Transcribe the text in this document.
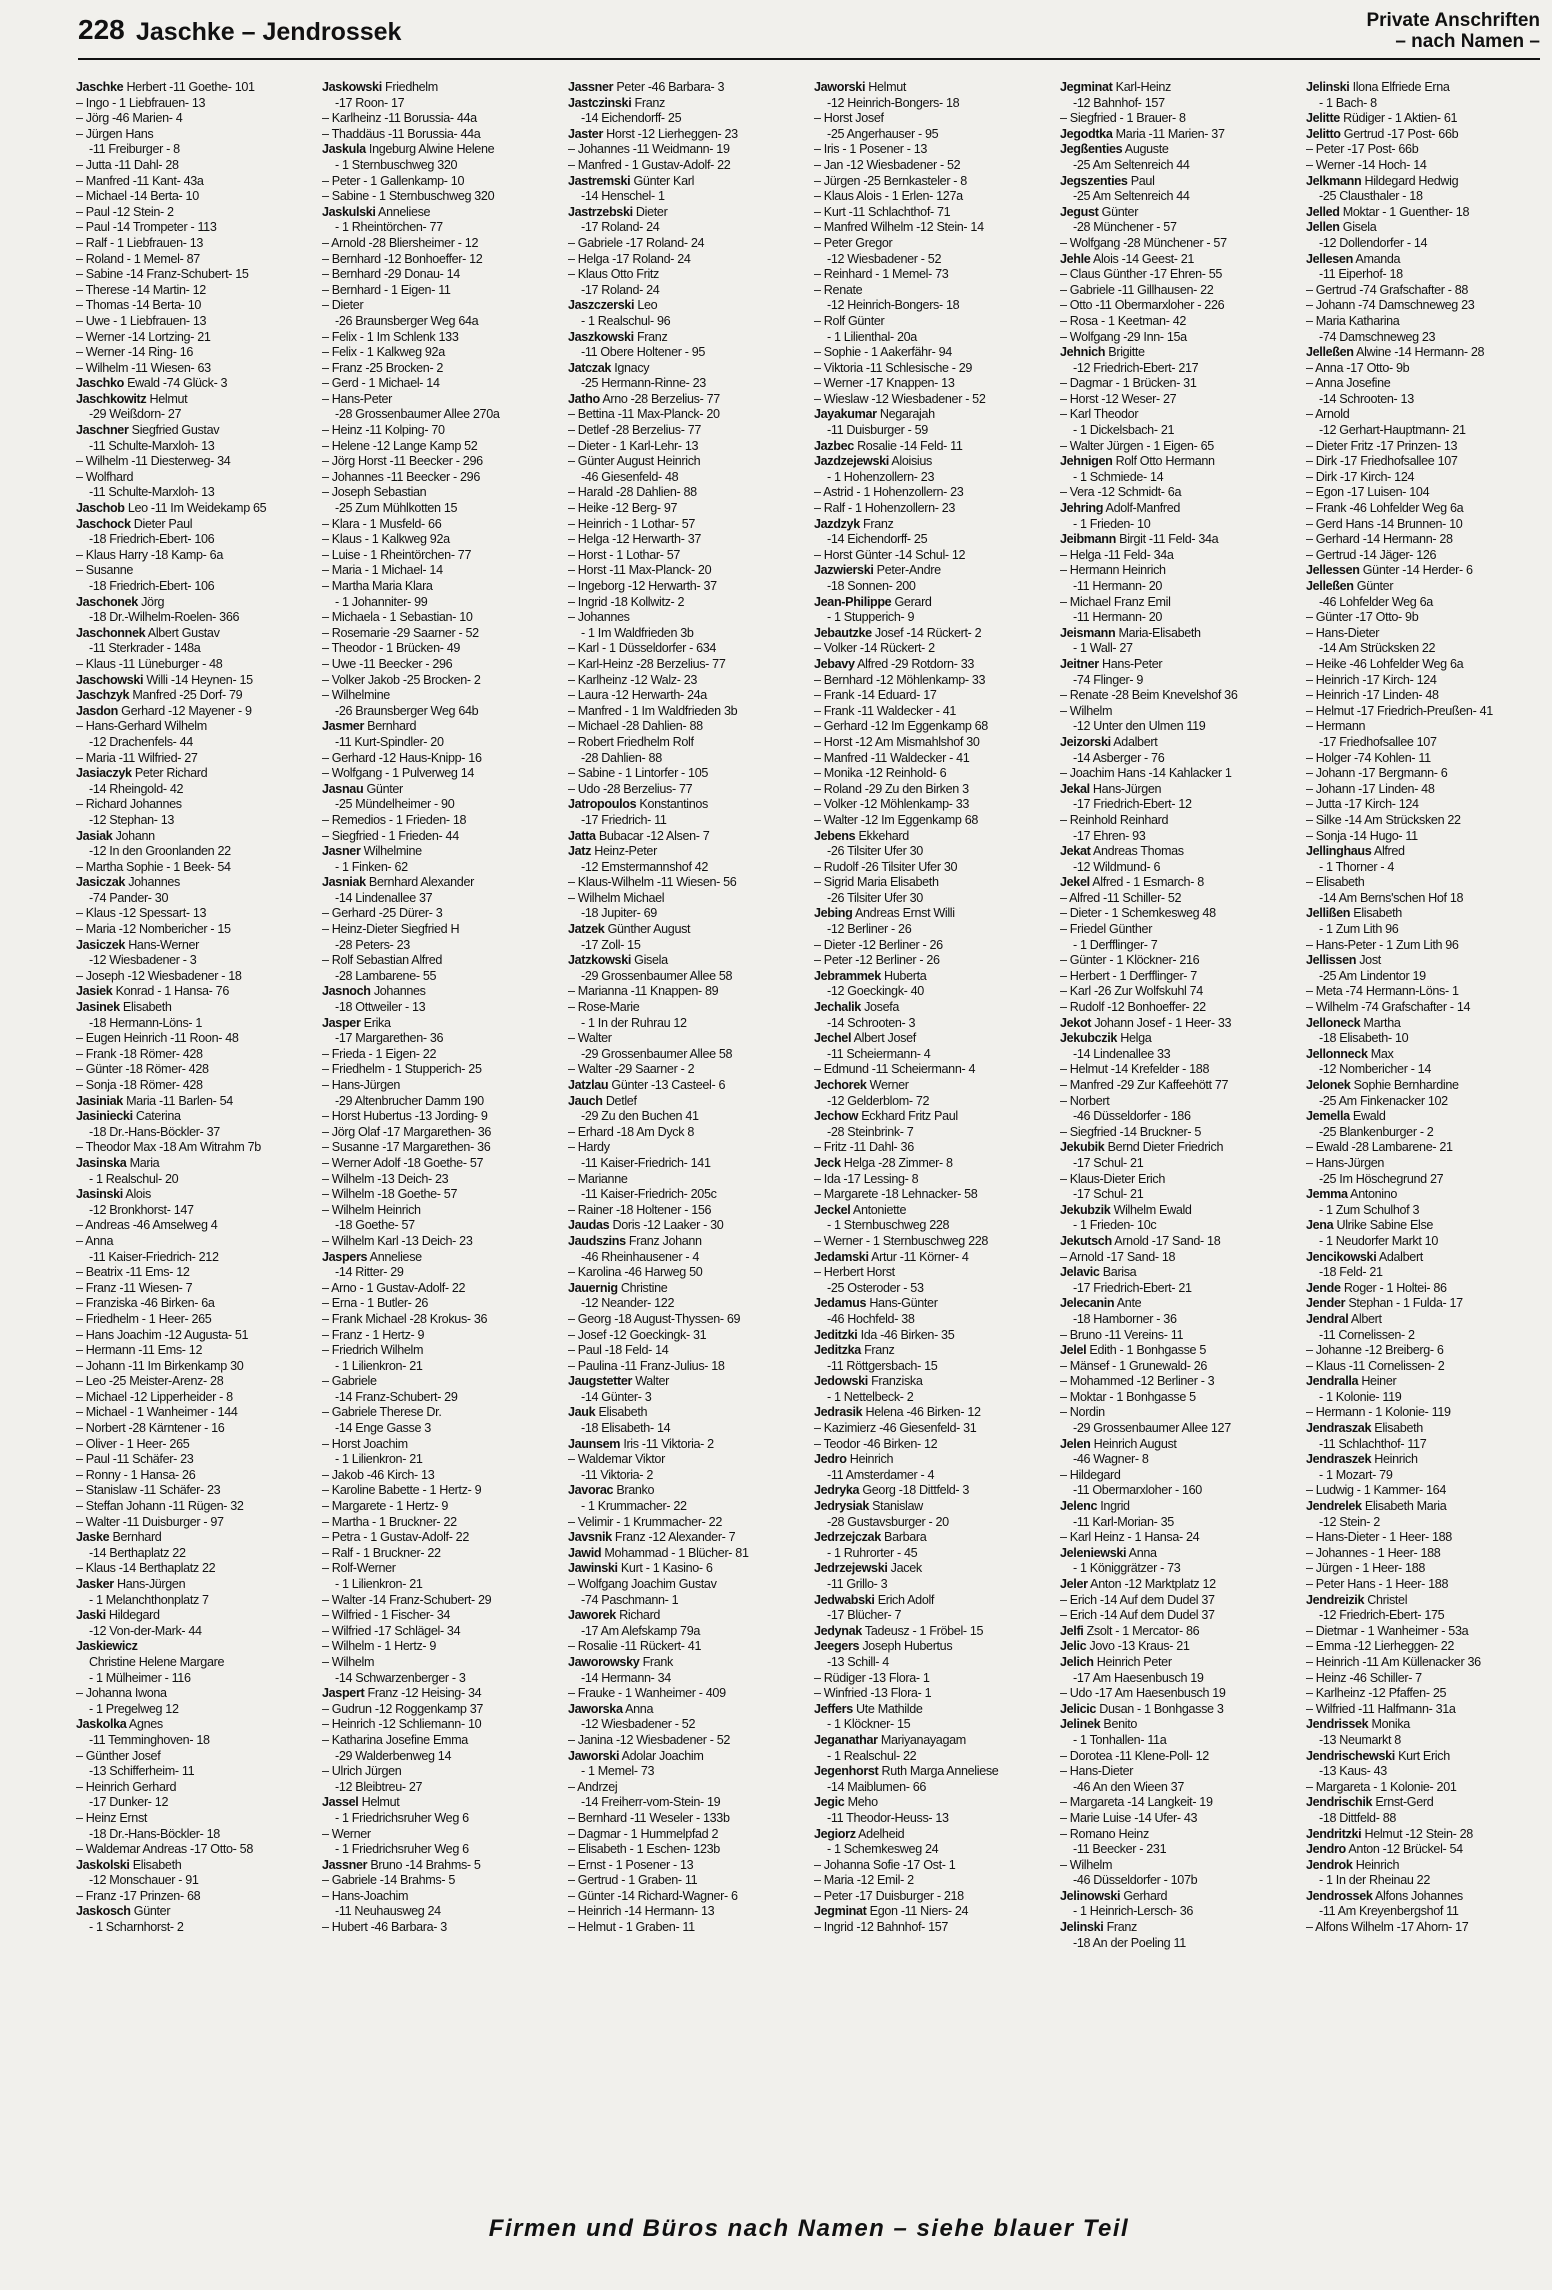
228 Jaschke – Jendrossek	Private Anschriften
– nach Namen –
Jaschke Herbert -11 Goethe- 101
– Ingo - 1 Liebfrauen- 13
– Jörg -46 Marien- 4
– Jürgen Hans
-11 Freiburger - 8
– Jutta -11 Dahl- 28
– Manfred -11 Kant- 43a
– Michael -14 Berta- 10
– Paul -12 Stein- 2
– Paul -14 Trompeter - 113
– Ralf - 1 Liebfrauen- 13
– Roland - 1 Memel- 87
– Sabine -14 Franz-Schubert- 15
– Therese -14 Martin- 12
– Thomas -14 Berta- 10
– Uwe - 1 Liebfrauen- 13
– Werner -14 Lortzing- 21
– Werner -14 Ring- 16
– Wilhelm -11 Wiesen- 63
Jaschko Ewald -74 Glück- 3
Jaschkowitz Helmut
-29 Weißdorn- 27
Jaschner Siegfried Gustav
-11 Schulte-Marxloh- 13
– Wilhelm -11 Diesterweg- 34
– Wolfhard
-11 Schulte-Marxloh- 13
Jaschob Leo -11 Im Weidekamp 65
Jaschock Dieter Paul
-18 Friedrich-Ebert- 106
– Klaus Harry -18 Kamp- 6a
– Susanne
-18 Friedrich-Ebert- 106
Jaschonek Jörg
-18 Dr.-Wilhelm-Roelen- 366
Jaschonnek Albert Gustav
-11 Sterkrader - 148a
– Klaus -11 Lüneburger - 48
Jaschowski Willi -14 Heynen- 15
Jaschzyk Manfred -25 Dorf- 79
Jasdon Gerhard -12 Mayener - 9
– Hans-Gerhard Wilhelm
-12 Drachenfels- 44
– Maria -11 Wilfried- 27
Jasiaczyk Peter Richard
-14 Rheingold- 42
– Richard Johannes
-12 Stephan- 13
Jasiak Johann
-12 In den Groonlanden 22
– Martha Sophie - 1 Beek- 54
Jasiczak Johannes
-74 Pander- 30
– Klaus -12 Spessart- 13
– Maria -12 Nombericher - 15
Jasiczek Hans-Werner
-12 Wiesbadener - 3
– Joseph -12 Wiesbadener - 18
Jasiek Konrad - 1 Hansa- 76
Jasinek Elisabeth
-18 Hermann-Löns- 1
– Eugen Heinrich -11 Roon- 48
– Frank -18 Römer- 428
– Günter -18 Römer- 428
– Sonja -18 Römer- 428
Jasiniak Maria -11 Barlen- 54
Jasiniecki Caterina
-18 Dr.-Hans-Böckler- 37
– Theodor Max -18 Am Witrahm 7b
Jasinska Maria
- 1 Realschul- 20
Jasinski Alois
-12 Bronkhorst- 147
– Andreas -46 Amselweg 4
– Anna
-11 Kaiser-Friedrich- 212
– Beatrix -11 Ems- 12
– Franz -11 Wiesen- 7
– Franziska -46 Birken- 6a
– Friedhelm - 1 Heer- 265
– Hans Joachim -12 Augusta- 51
– Hermann -11 Ems- 12
– Johann -11 Im Birkenkamp 30
– Leo -25 Meister-Arenz- 28
– Michael -12 Lipperheider - 8
– Michael - 1 Wanheimer - 144
– Norbert -28 Kärntener - 16
– Oliver - 1 Heer- 265
– Paul -11 Schäfer- 23
– Ronny - 1 Hansa- 26
– Stanislaw -11 Schäfer- 23
– Steffan Johann -11 Rügen- 32
– Walter -11 Duisburger - 97
Jaske Bernhard
-14 Berthaplatz 22
– Klaus -14 Berthaplatz 22
Jasker Hans-Jürgen
- 1 Melanchthonplatz 7
Jaski Hildegard
-12 Von-der-Mark- 44
Jaskiewicz
Christine Helene Margare
- 1 Mülheimer - 116
– Johanna Iwona
- 1 Pregelweg 12
Jaskolka Agnes
-11 Temminghoven- 18
– Günther Josef
-13 Schifferheim- 11
– Heinrich Gerhard
-17 Dunker- 12
– Heinz Ernst
-18 Dr.-Hans-Böckler- 18
– Waldemar Andreas -17 Otto- 58
Jaskolski Elisabeth
-12 Monschauer - 91
– Franz -17 Prinzen- 68
Jaskosch Günter
- 1 Scharnhorst- 2
Jaskowski Friedhelm
-17 Roon- 17
– Karlheinz -11 Borussia- 44a
– Thaddäus -11 Borussia- 44a
Jaskula Ingeburg Alwine Helene
- 1 Sternbuschweg 320
– Peter - 1 Gallenkamp- 10
– Sabine - 1 Sternbuschweg 320
Jaskulski Anneliese
- 1 Rheintörchen- 77
– Arnold -28 Bliersheimer - 12
– Bernhard -12 Bonhoeffer- 12
– Bernhard -29 Donau- 14
– Bernhard - 1 Eigen- 11
– Dieter
-26 Braunsberger Weg 64a
– Felix - 1 Im Schlenk 133
– Felix - 1 Kalkweg 92a
– Franz -25 Brocken- 2
– Gerd - 1 Michael- 14
– Hans-Peter
-28 Grossenbaumer Allee 270a
– Heinz -11 Kolping- 70
– Helene -12 Lange Kamp 52
– Jörg Horst -11 Beecker - 296
– Johannes -11 Beecker - 296
– Joseph Sebastian
-25 Zum Mühlkotten 15
– Klara - 1 Musfeld- 66
– Klaus - 1 Kalkweg 92a
– Luise - 1 Rheintörchen- 77
– Maria - 1 Michael- 14
– Martha Maria Klara
- 1 Johanniter- 99
– Michaela - 1 Sebastian- 10
– Rosemarie -29 Saarner - 52
– Theodor - 1 Brücken- 49
– Uwe -11 Beecker - 296
– Volker Jakob -25 Brocken- 2
– Wilhelmine
-26 Braunsberger Weg 64b
Jasmer Bernhard
-11 Kurt-Spindler- 20
– Gerhard -12 Haus-Knipp- 16
– Wolfgang - 1 Pulverweg 14
Jasnau Günter
-25 Mündelheimer - 90
– Remedios - 1 Frieden- 18
– Siegfried - 1 Frieden- 44
Jasner Wilhelmine
- 1 Finken- 62
Jasniak Bernhard Alexander
-14 Lindenallee 37
– Gerhard -25 Dürer- 3
– Heinz-Dieter Siegfried H
-28 Peters- 23
– Rolf Sebastian Alfred
-28 Lambarene- 55
Jasnoch Johannes
-18 Ottweiler - 13
Jasper Erika
-17 Margarethen- 36
– Frieda - 1 Eigen- 22
– Friedhelm - 1 Stupperich- 25
– Hans-Jürgen
-29 Altenbrucher Damm 190
– Horst Hubertus -13 Jording- 9
– Jörg Olaf -17 Margarethen- 36
– Susanne -17 Margarethen- 36
– Werner Adolf -18 Goethe- 57
– Wilhelm -13 Deich- 23
– Wilhelm -18 Goethe- 57
– Wilhelm Heinrich
-18 Goethe- 57
– Wilhelm Karl -13 Deich- 23
Jaspers Anneliese
-14 Ritter- 29
– Arno - 1 Gustav-Adolf- 22
– Erna - 1 Butler- 26
– Frank Michael -28 Krokus- 36
– Franz - 1 Hertz- 9
– Friedrich Wilhelm
- 1 Lilienkron- 21
– Gabriele
-14 Franz-Schubert- 29
– Gabriele Therese Dr.
-14 Enge Gasse 3
– Horst Joachim
- 1 Lilienkron- 21
– Jakob -46 Kirch- 13
– Karoline Babette - 1 Hertz- 9
– Margarete - 1 Hertz- 9
– Martha - 1 Bruckner- 22
– Petra - 1 Gustav-Adolf- 22
– Ralf - 1 Bruckner- 22
– Rolf-Werner
- 1 Lilienkron- 21
– Walter -14 Franz-Schubert- 29
– Wilfried - 1 Fischer- 34
– Wilfried -17 Schlägel- 34
– Wilhelm - 1 Hertz- 9
– Wilhelm
-14 Schwarzenberger - 3
Jaspert Franz -12 Heising- 34
– Gudrun -12 Roggenkamp 37
– Heinrich -12 Schliemann- 10
– Katharina Josefine Emma
-29 Walderbenweg 14
– Ulrich Jürgen
-12 Bleibtreu- 27
Jassel Helmut
- 1 Friedrichsruher Weg 6
– Werner
- 1 Friedrichsruher Weg 6
Jassner Bruno -14 Brahms- 5
– Gabriele -14 Brahms- 5
– Hans-Joachim
-11 Neuhausweg 24
– Hubert -46 Barbara- 3
Jassner Peter -46 Barbara- 3
Jastczinski Franz
-14 Eichendorff- 25
Jaster Horst -12 Lierheggen- 23
– Johannes -11 Weidmann- 19
– Manfred - 1 Gustav-Adolf- 22
Jastremski Günter Karl
-14 Henschel- 1
Jastrzebski Dieter
-17 Roland- 24
– Gabriele -17 Roland- 24
– Helga -17 Roland- 24
– Klaus Otto Fritz
-17 Roland- 24
Jaszczerski Leo
- 1 Realschul- 96
Jaszkowski Franz
-11 Obere Holtener - 95
Jatczak Ignacy
-25 Hermann-Rinne- 23
Jatho Arno -28 Berzelius- 77
– Bettina -11 Max-Planck- 20
– Detlef -28 Berzelius- 77
– Dieter - 1 Karl-Lehr- 13
– Günter August Heinrich
-46 Giesenfeld- 48
– Harald -28 Dahlien- 88
– Heike -12 Berg- 97
– Heinrich - 1 Lothar- 57
– Helga -12 Herwarth- 37
– Horst - 1 Lothar- 57
– Horst -11 Max-Planck- 20
– Ingeborg -12 Herwarth- 37
– Ingrid -18 Kollwitz- 2
– Johannes
- 1 Im Waldfrieden 3b
– Karl - 1 Düsseldorfer - 634
– Karl-Heinz -28 Berzelius- 77
– Karlheinz -12 Walz- 23
– Laura -12 Herwarth- 24a
– Manfred - 1 Im Waldfrieden 3b
– Michael -28 Dahlien- 88
– Robert Friedhelm Rolf
-28 Dahlien- 88
– Sabine - 1 Lintorfer - 105
– Udo -28 Berzelius- 77
Jatropoulos Konstantinos
-17 Friedrich- 11
Jatta Bubacar -12 Alsen- 7
Jatz Heinz-Peter
-12 Emstermannshof 42
– Klaus-Wilhelm -11 Wiesen- 56
– Wilhelm Michael
-18 Jupiter- 69
Jatzek Günther August
-17 Zoll- 15
Jatzkowski Gisela
-29 Grossenbaumer Allee 58
– Marianna -11 Knappen- 89
– Rose-Marie
- 1 In der Ruhrau 12
– Walter
-29 Grossenbaumer Allee 58
– Walter -29 Saarner - 2
Jatzlau Günter -13 Casteel- 6
Jauch Detlef
-29 Zu den Buchen 41
– Erhard -18 Am Dyck 8
– Hardy
-11 Kaiser-Friedrich- 141
– Marianne
-11 Kaiser-Friedrich- 205c
– Rainer -18 Holtener - 156
Jaudas Doris -12 Laaker - 30
Jaudszins Franz Johann
-46 Rheinhausener - 4
– Karolina -46 Harweg 50
Jauernig Christine
-12 Neander- 122
– Georg -18 August-Thyssen- 69
– Josef -12 Goeckingk- 31
– Paul -18 Feld- 14
– Paulina -11 Franz-Julius- 18
Jaugstetter Walter
-14 Günter- 3
Jauk Elisabeth
-18 Elisabeth- 14
Jaunsem Iris -11 Viktoria- 2
– Waldemar Viktor
-11 Viktoria- 2
Javorac Branko
- 1 Krummacher- 22
– Velimir - 1 Krummacher- 22
Javsnik Franz -12 Alexander- 7
Jawid Mohammad - 1 Blücher- 81
Jawinski Kurt - 1 Kasino- 6
– Wolfgang Joachim Gustav
-74 Paschmann- 1
Jaworek Richard
-17 Am Alefskamp 79a
– Rosalie -11 Rückert- 41
Jaworowsky Frank
-14 Hermann- 34
– Frauke - 1 Wanheimer - 409
Jaworska Anna
-12 Wiesbadener - 52
– Janina -12 Wiesbadener - 52
Jaworski Adolar Joachim
- 1 Memel- 73
– Andrzej
-14 Freiherr-vom-Stein- 19
– Bernhard -11 Weseler - 133b
– Dagmar - 1 Hummelpfad 2
– Elisabeth - 1 Eschen- 123b
– Ernst - 1 Posener - 13
– Gertrud - 1 Graben- 11
– Günter -14 Richard-Wagner- 6
– Heinrich -14 Hermann- 13
– Helmut - 1 Graben- 11
Jaworski Helmut
-12 Heinrich-Bongers- 18
– Horst Josef
-25 Angerhauser - 95
– Iris - 1 Posener - 13
– Jan -12 Wiesbadener - 52
– Jürgen -25 Bernkasteler - 8
– Klaus Alois - 1 Erlen- 127a
– Kurt -11 Schlachthof- 71
– Manfred Wilhelm -12 Stein- 14
– Peter Gregor
-12 Wiesbadener - 52
– Reinhard - 1 Memel- 73
– Renate
-12 Heinrich-Bongers- 18
– Rolf Günter
- 1 Lilienthal- 20a
– Sophie - 1 Aakerfähr- 94
– Viktoria -11 Schlesische - 29
– Werner -17 Knappen- 13
– Wieslaw -12 Wiesbadener - 52
Jayakumar Negarajah
-11 Duisburger - 59
Jazbec Rosalie -14 Feld- 11
Jazdzejewski Aloisius
- 1 Hohenzollern- 23
– Astrid - 1 Hohenzollern- 23
– Ralf - 1 Hohenzollern- 23
Jazdzyk Franz
-14 Eichendorff- 25
– Horst Günter -14 Schul- 12
Jazwierski Peter-Andre
-18 Sonnen- 200
Jean-Philippe Gerard
- 1 Stupperich- 9
Jebautzke Josef -14 Rückert- 2
– Volker -14 Rückert- 2
Jebavy Alfred -29 Rotdorn- 33
– Bernhard -12 Möhlenkamp- 33
– Frank -14 Eduard- 17
– Frank -11 Waldecker - 41
– Gerhard -12 Im Eggenkamp 68
– Horst -12 Am Mismahlshof 30
– Manfred -11 Waldecker - 41
– Monika -12 Reinhold- 6
– Roland -29 Zu den Birken 3
– Volker -12 Möhlenkamp- 33
– Walter -12 Im Eggenkamp 68
Jebens Ekkehard
-26 Tilsiter Ufer 30
– Rudolf -26 Tilsiter Ufer 30
– Sigrid Maria Elisabeth
-26 Tilsiter Ufer 30
Jebing Andreas Ernst Willi
-12 Berliner - 26
– Dieter -12 Berliner - 26
– Peter -12 Berliner - 26
Jebrammek Huberta
-12 Goeckingk- 40
Jechalik Josefa
-14 Schrooten- 3
Jechel Albert Josef
-11 Scheiermann- 4
– Edmund -11 Scheiermann- 4
Jechorek Werner
-12 Gelderblom- 72
Jechow Eckhard Fritz Paul
-28 Steinbrink- 7
– Fritz -11 Dahl- 36
Jeck Helga -28 Zimmer- 8
– Ida -17 Lessing- 8
– Margarete -18 Lehnacker- 58
Jeckel Antoniette
- 1 Sternbuschweg 228
– Werner - 1 Sternbuschweg 228
Jedamski Artur -11 Körner- 4
– Herbert Horst
-25 Osteroder - 53
Jedamus Hans-Günter
-46 Hochfeld- 38
Jeditzki Ida -46 Birken- 35
Jeditzka Franz
-11 Röttgersbach- 15
Jedowski Franziska
- 1 Nettelbeck- 2
Jedrasik Helena -46 Birken- 12
– Kazimierz -46 Giesenfeld- 31
– Teodor -46 Birken- 12
Jedro Heinrich
-11 Amsterdamer - 4
Jedryka Georg -18 Dittfeld- 3
Jedrysiak Stanislaw
-28 Gustavsburger - 20
Jedrzejczak Barbara
- 1 Ruhrorter - 45
Jedrzejewski Jacek
-11 Grillo- 3
Jedwabski Erich Adolf
-17 Blücher- 7
Jedynak Tadeusz - 1 Fröbel- 15
Jeegers Joseph Hubertus
-13 Schill- 4
– Rüdiger -13 Flora- 1
– Winfried -13 Flora- 1
Jeffers Ute Mathilde
- 1 Klöckner- 15
Jeganathar Mariyanayagam
- 1 Realschul- 22
Jegenhorst Ruth Marga Anneliese
-14 Maiblumen- 66
Jegic Meho
-11 Theodor-Heuss- 13
Jegiorz Adelheid
- 1 Schemkesweg 24
– Johanna Sofie -17 Ost- 1
– Maria -12 Emil- 2
– Peter -17 Duisburger - 218
Jegminat Egon -11 Niers- 24
– Ingrid -12 Bahnhof- 157
Jegminat Karl-Heinz
-12 Bahnhof- 157
– Siegfried - 1 Brauer- 8
Jegodtka Maria -11 Marien- 37
Jegßenties Auguste
-25 Am Seltenreich 44
Jegszenties Paul
-25 Am Seltenreich 44
Jegust Günter
-28 Münchener - 57
– Wolfgang -28 Münchener - 57
Jehle Alois -14 Geest- 21
– Claus Günther -17 Ehren- 55
– Gabriele -11 Gillhausen- 22
– Otto -11 Obermarxloher - 226
– Rosa - 1 Keetman- 42
– Wolfgang -29 Inn- 15a
Jehnich Brigitte
-12 Friedrich-Ebert- 217
– Dagmar - 1 Brücken- 31
– Horst -12 Weser- 27
– Karl Theodor
- 1 Dickelsbach- 21
– Walter Jürgen - 1 Eigen- 65
Jehnigen Rolf Otto Hermann
- 1 Schmiede- 14
– Vera -12 Schmidt- 6a
Jehring Adolf-Manfred
- 1 Frieden- 10
Jeibmann Birgit -11 Feld- 34a
– Helga -11 Feld- 34a
– Hermann Heinrich
-11 Hermann- 20
– Michael Franz Emil
-11 Hermann- 20
Jeismann Maria-Elisabeth
- 1 Wall- 27
Jeitner Hans-Peter
-74 Flinger- 9
– Renate -28 Beim Knevelshof 36
– Wilhelm
-12 Unter den Ulmen 119
Jeizorski Adalbert
-14 Asberger - 76
– Joachim Hans -14 Kahlacker 1
Jekal Hans-Jürgen
-17 Friedrich-Ebert- 12
– Reinhold Reinhard
-17 Ehren- 93
Jekat Andreas Thomas
-12 Wildmund- 6
Jekel Alfred - 1 Esmarch- 8
– Alfred -11 Schiller- 52
– Dieter - 1 Schemkesweg 48
– Friedel Günther
- 1 Derfflinger- 7
– Günter - 1 Klöckner- 216
– Herbert - 1 Derfflinger- 7
– Karl -26 Zur Wolfskuhl 74
– Rudolf -12 Bonhoeffer- 22
Jekot Johann Josef - 1 Heer- 33
Jekubczik Helga
-14 Lindenallee 33
– Helmut -14 Krefelder - 188
– Manfred -29 Zur Kaffeehött 77
– Norbert
-46 Düsseldorfer - 186
– Siegfried -14 Bruckner- 5
Jekubik Bernd Dieter Friedrich
-17 Schul- 21
– Klaus-Dieter Erich
-17 Schul- 21
Jekubzik Wilhelm Ewald
- 1 Frieden- 10c
Jekutsch Arnold -17 Sand- 18
– Arnold -17 Sand- 18
Jelavic Barisa
-17 Friedrich-Ebert- 21
Jelecanin Ante
-18 Hamborner - 36
– Bruno -11 Vereins- 11
Jelel Edith - 1 Bonhgasse 5
– Mänsef - 1 Grunewald- 26
– Mohammed -12 Berliner - 3
– Moktar - 1 Bonhgasse 5
– Nordin
-29 Grossenbaumer Allee 127
Jelen Heinrich August
-46 Wagner- 8
– Hildegard
-11 Obermarxloher - 160
Jelenc Ingrid
-11 Karl-Morian- 35
– Karl Heinz - 1 Hansa- 24
Jeleniewski Anna
- 1 Königgrätzer - 73
Jeler Anton -12 Marktplatz 12
– Erich -14 Auf dem Dudel 37
– Erich -14 Auf dem Dudel 37
Jelfi Zsolt - 1 Mercator- 86
Jelic Jovo -13 Kraus- 21
Jelich Heinrich Peter
-17 Am Haesenbusch 19
– Udo -17 Am Haesenbusch 19
Jelicic Dusan - 1 Bonhgasse 3
Jelinek Benito
- 1 Tonhallen- 11a
– Dorotea -11 Klene-Poll- 12
– Hans-Dieter
-46 An den Wieen 37
– Margareta -14 Langkeit- 19
– Marie Luise -14 Ufer- 43
– Romano Heinz
-11 Beecker - 231
– Wilhelm
-46 Düsseldorfer - 107b
Jelinowski Gerhard
- 1 Heinrich-Lersch- 36
Jelinski Franz
-18 An der Poeling 11
Jelinski Ilona Elfriede Erna
- 1 Bach- 8
Jelitte Rüdiger - 1 Aktien- 61
Jelitto Gertrud -17 Post- 66b
– Peter -17 Post- 66b
– Werner -14 Hoch- 14
Jelkmann Hildegard Hedwig
-25 Clausthaler - 18
Jelled Moktar - 1 Guenther- 18
Jellen Gisela
-12 Dollendorfer - 14
Jellesen Amanda
-11 Eiperhof- 18
– Gertrud -74 Grafschafter - 88
– Johann -74 Damschneweg 23
– Maria Katharina
-74 Damschneweg 23
Jelleßen Alwine -14 Hermann- 28
– Anna -17 Otto- 9b
– Anna Josefine
-14 Schrooten- 13
– Arnold
-12 Gerhart-Hauptmann- 21
– Dieter Fritz -17 Prinzen- 13
– Dirk -17 Friedhofsallee 107
– Dirk -17 Kirch- 124
– Egon -17 Luisen- 104
– Frank -46 Lohfelder Weg 6a
– Gerd Hans -14 Brunnen- 10
– Gerhard -14 Hermann- 28
– Gertrud -14 Jäger- 126
Jellessen Günter -14 Herder- 6
Jelleßen Günter
-46 Lohfelder Weg 6a
– Günter -17 Otto- 9b
– Hans-Dieter
-14 Am Strücksken 22
– Heike -46 Lohfelder Weg 6a
– Heinrich -17 Kirch- 124
– Heinrich -17 Linden- 48
– Helmut -17 Friedrich-Preußen- 41
– Hermann
-17 Friedhofsallee 107
– Holger -74 Kohlen- 11
– Johann -17 Bergmann- 6
– Johann -17 Linden- 48
– Jutta -17 Kirch- 124
– Silke -14 Am Strücksken 22
– Sonja -14 Hugo- 11
Jellinghaus Alfred
- 1 Thorner - 4
– Elisabeth
-14 Am Berns'schen Hof 18
Jellißen Elisabeth
- 1 Zum Lith 96
– Hans-Peter - 1 Zum Lith 96
Jellissen Jost
-25 Am Lindentor 19
– Meta -74 Hermann-Löns- 1
– Wilhelm -74 Grafschafter - 14
Jelloneck Martha
-18 Elisabeth- 10
Jellonneck Max
-12 Nombericher - 14
Jelonek Sophie Bernhardine
-25 Am Finkenacker 102
Jemella Ewald
-25 Blankenburger - 2
– Ewald -28 Lambarene- 21
– Hans-Jürgen
-25 Im Höschegrund 27
Jemma Antonino
- 1 Zum Schulhof 3
Jena Ulrike Sabine Else
- 1 Neudorfer Markt 10
Jencikowski Adalbert
-18 Feld- 21
Jende Roger - 1 Holtei- 86
Jender Stephan - 1 Fulda- 17
Jendral Albert
-11 Cornelissen- 2
– Johanne -12 Breiberg- 6
– Klaus -11 Cornelissen- 2
Jendralla Heiner
- 1 Kolonie- 119
– Hermann - 1 Kolonie- 119
Jendraszak Elisabeth
-11 Schlachthof- 117
Jendraszek Heinrich
- 1 Mozart- 79
– Ludwig - 1 Kammer- 164
Jendrelek Elisabeth Maria
-12 Stein- 2
– Hans-Dieter - 1 Heer- 188
– Johannes - 1 Heer- 188
– Jürgen - 1 Heer- 188
– Peter Hans - 1 Heer- 188
Jendreizik Christel
-12 Friedrich-Ebert- 175
– Dietmar - 1 Wanheimer - 53a
– Emma -12 Lierheggen- 22
– Heinrich -11 Am Küllenacker 36
– Heinz -46 Schiller- 7
– Karlheinz -12 Pfaffen- 25
– Wilfried -11 Halfmann- 31a
Jendrissek Monika
-13 Neumarkt 8
Jendrischewski Kurt Erich
-13 Kaus- 43
– Margareta - 1 Kolonie- 201
Jendrischik Ernst-Gerd
-18 Dittfeld- 88
Jendritzki Helmut -12 Stein- 28
Jendro Anton -12 Brückel- 54
Jendrok Heinrich
- 1 In der Rheinau 22
Jendrossek Alfons Johannes
-11 Am Kreyenbergshof 11
– Alfons Wilhelm -17 Ahorn- 17
Firmen und Büros nach Namen – siehe blauer Teil
